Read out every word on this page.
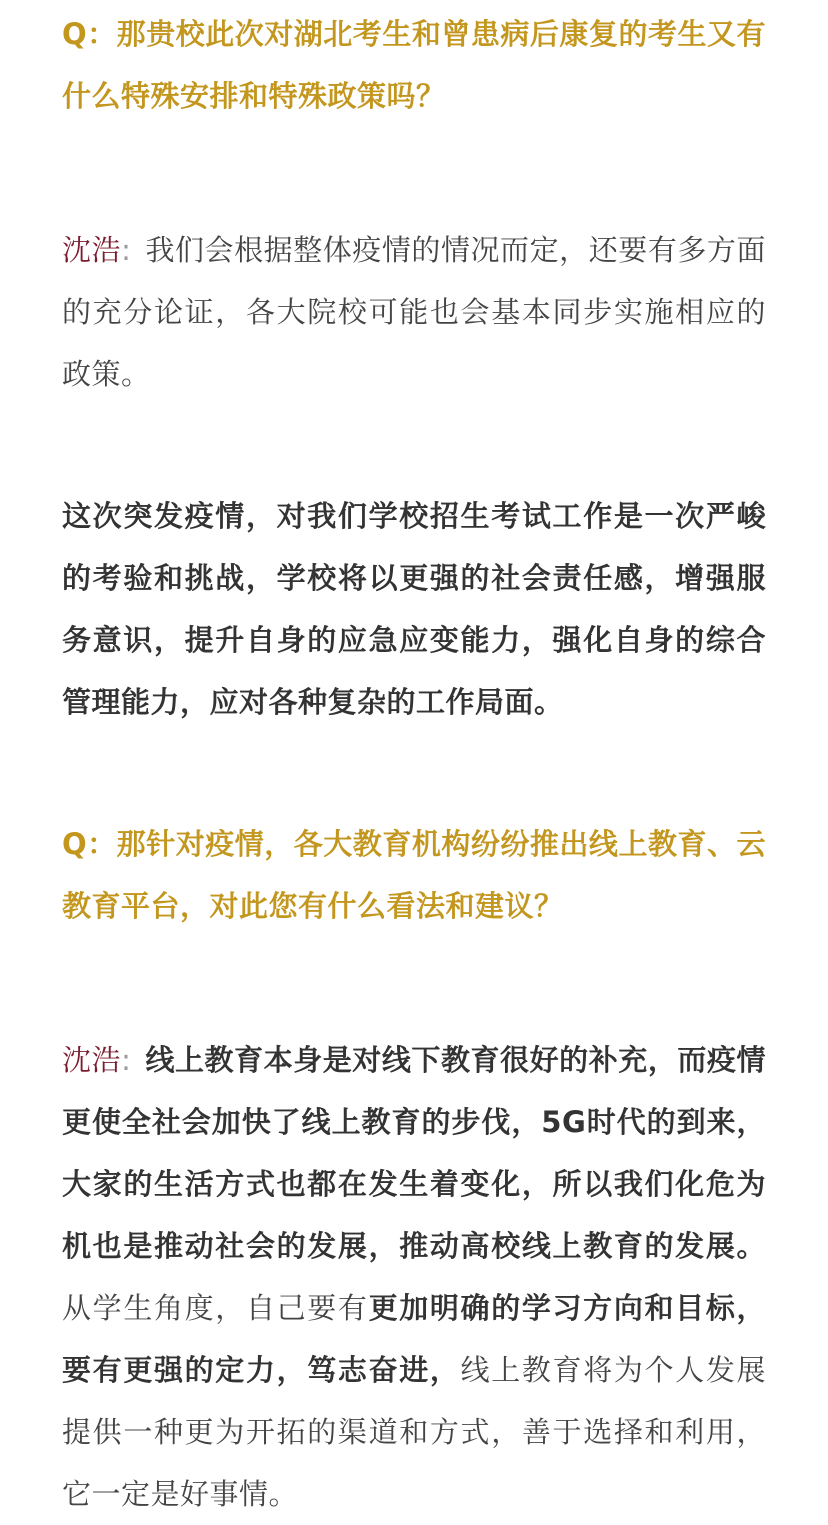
Q：那贵校此次对湖北考生和曾患病后康复的考生又有什么特殊安排和特殊政策吗？

沈浩: 我们会根据整体疫情的情况而定，还要有多方面的充分论证，各大院校可能也会基本同步实施相应的政策。

这次突发疫情，对我们学校招生考试工作是一次严峻的考验和挑战，学校将以更强的社会责任感，增强服务意识，提升自身的应急应变能力，强化自身的综合管理能力，应对各种复杂的工作局面。

Q：那针对疫情，各大教育机构纷纷推出线上教育、云教育平台，对此您有什么看法和建议？

沈浩: 线上教育本身是对线下教育很好的补充，而疫情更使全社会加快了线上教育的步伐，5G时代的到来，大家的生活方式也都在发生着变化，所以我们化危为机也是推动社会的发展，推动高校线上教育的发展。从学生角度，自己要有更加明确的学习方向和目标，要有更强的定力，笃志奋进，线上教育将为个人发展提供一种更为开拓的渠道和方式，善于选择和利用，它一定是好事情。
